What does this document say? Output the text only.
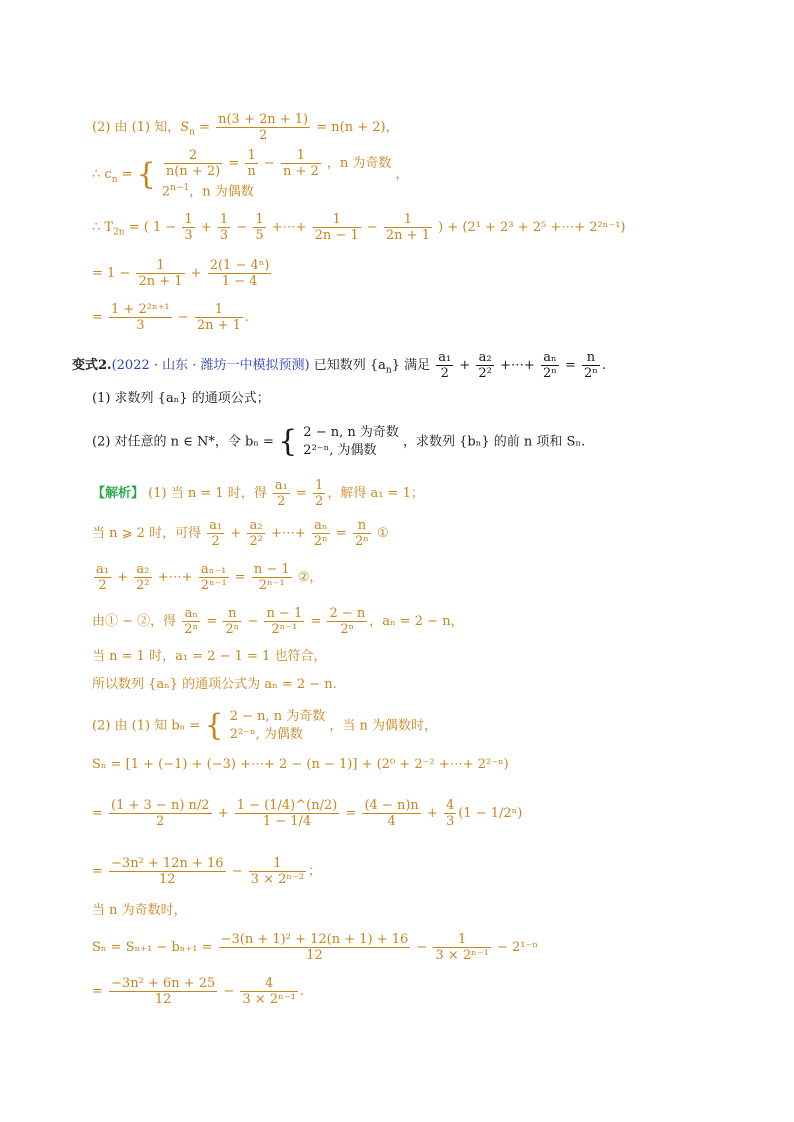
(2) 由 (1) 知，$S_n = \frac{n(3 + 2n + 1)}{2} = n(n + 2)$，
∴ $c_n$ = { $\frac{2}{n(n + 2)} = \frac{1}{n} - \frac{1}{n + 2}$ ，n 为奇数
$2^{n-1}$，n 为偶数
，
∴ $T_{2n}$ = ( $1 - \frac{1}{3} + \frac{1}{3} - \frac{1}{5}$ +⋯+ $\frac{1}{2n - 1} - \frac{1}{2n + 1}$ ) + (2¹ + 2³ + 2⁵ +⋯+ 2²ⁿ⁻¹)
= $1 - \frac{1}{2n + 1} + \frac{\text{2(1 − 4ⁿ)}}{1 - 4}$
= $\frac{\text{1 + 2²ⁿ⁺¹}}{3} - \frac{1}{2n + 1}$ .
变式2.(2022 · 山东 · 潍坊一中模拟预测) 已知数列 $\{a_n\}$ 满足 $\frac{\text{a₁}}{2} + \frac{\text{a₂}}{\text{2²}}$ +⋯+ $\frac{\text{aₙ}}{\text{2ⁿ}} = \frac{n}{\text{2ⁿ}}$ .
(1) 求数列 {aₙ} 的通项公式；
(2) 对任意的 n ∈ N*，令 bₙ = { 2 − n, n 为奇数
2²⁻ⁿ, 为偶数
，求数列 {bₙ} 的前 n 项和 Sₙ.
【解析】 (1) 当 n = 1 时，得 $\frac{\text{a₁}}{2} = \frac{1}{2}$ ，解得 a₁ = 1；
当 n ⩾ 2 时，可得 $\frac{\text{a₁}}{2} + \frac{\text{a₂}}{\text{2²}}$ +⋯+ $\frac{\text{aₙ}}{\text{2ⁿ}} = \frac{n}{\text{2ⁿ}}$ ①
$\frac{\text{a₁}}{2} + \frac{\text{a₂}}{\text{2²}}$ +⋯+ $\frac{\text{aₙ₋₁}}{\text{2ⁿ⁻¹}} = \frac{n - 1}{\text{2ⁿ⁻¹}}$ ②，
由① − ②，得 $\frac{\text{aₙ}}{\text{2ⁿ}} = \frac{n}{\text{2ⁿ}} - \frac{n - 1}{\text{2ⁿ⁻¹}} = \frac{2 - n}{\text{2ⁿ}}$ ，aₙ = 2 − n，
当 n = 1 时，a₁ = 2 − 1 = 1 也符合，
所以数列 {aₙ} 的通项公式为 aₙ = 2 − n.
(2) 由 (1) 知 bₙ = { 2 − n, n 为奇数
2²⁻ⁿ, 为偶数
，当 n 为偶数时，
Sₙ = [1 + (−1) + (−3) +⋯+ 2 − (n − 1)] + (2⁰ + 2⁻² +⋯+ 2²⁻ⁿ)
= $\frac{(1 + 3 - n) n/2}{2} + \frac{1 - (1/4)\^{}(n/2)}{1 - 1/4} = \frac{(4 - n)n}{4} + \frac{4}{3} (1 - 1/2^n)$
= $\frac{\text{−3n² + 12n + 16}}{12} - \frac{1}{\text{3 × 2ⁿ⁻²}}$ ；
当 n 为奇数时，
$S_n = S_{n+1} - b_{n+1} = \frac{\text{−3(n + 1)² + 12(n + 1) + 16}}{12} - \frac{1}{\text{3 × 2ⁿ⁻¹}} - 2^{1-n}$
= $\frac{\text{−3n² + 6n + 25}}{12} - \frac{4}{\text{3 × 2ⁿ⁻¹}}$ .
